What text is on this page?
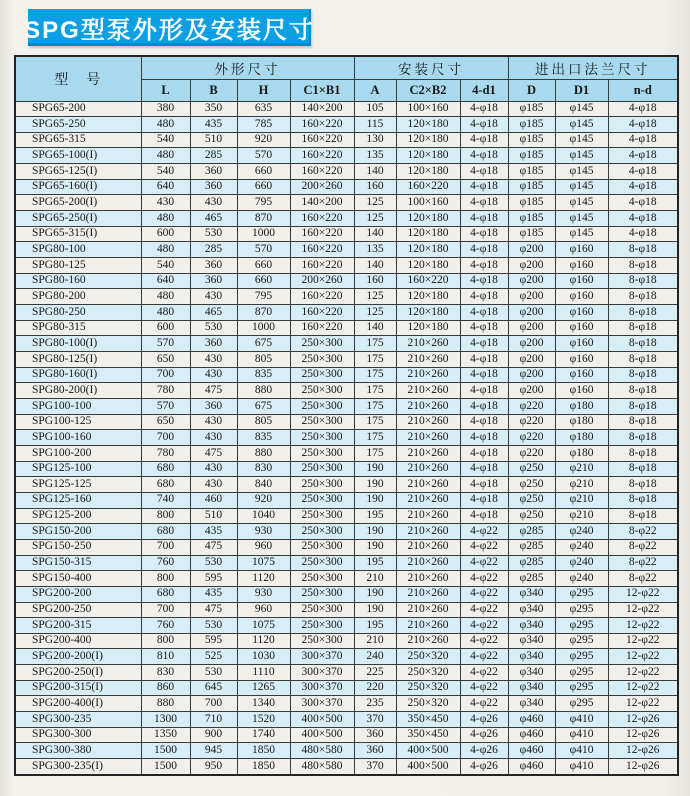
SPG型泵外形及安装尺寸
型　号	外形尺寸				安装尺寸			进出口法兰尺寸		
	L	B	H	C1×B1	A	C2×B2	4-d1	D	D1	n-d
SPG65-200	380	350	635	140×200	105	100×160	4-φ18	φ185	φ145	4-φ18
SPG65-250	480	435	785	160×220	115	120×180	4-φ18	φ185	φ145	4-φ18
SPG65-315	540	510	920	160×220	130	120×180	4-φ18	φ185	φ145	4-φ18
SPG65-100(I)	480	285	570	160×220	135	120×180	4-φ18	φ185	φ145	4-φ18
SPG65-125(I)	540	360	660	160×220	140	120×180	4-φ18	φ185	φ145	4-φ18
SPG65-160(I)	640	360	660	200×260	160	160×220	4-φ18	φ185	φ145	4-φ18
SPG65-200(I)	430	430	795	140×200	125	100×160	4-φ18	φ185	φ145	4-φ18
SPG65-250(I)	480	465	870	160×220	125	120×180	4-φ18	φ185	φ145	4-φ18
SPG65-315(I)	600	530	1000	160×220	140	120×180	4-φ18	φ185	φ145	4-φ18
SPG80-100	480	285	570	160×220	135	120×180	4-φ18	φ200	φ160	8-φ18
SPG80-125	540	360	660	160×220	140	120×180	4-φ18	φ200	φ160	8-φ18
SPG80-160	640	360	660	200×260	160	160×220	4-φ18	φ200	φ160	8-φ18
SPG80-200	480	430	795	160×220	125	120×180	4-φ18	φ200	φ160	8-φ18
SPG80-250	480	465	870	160×220	125	120×180	4-φ18	φ200	φ160	8-φ18
SPG80-315	600	530	1000	160×220	140	120×180	4-φ18	φ200	φ160	8-φ18
SPG80-100(I)	570	360	675	250×300	175	210×260	4-φ18	φ200	φ160	8-φ18
SPG80-125(I)	650	430	805	250×300	175	210×260	4-φ18	φ200	φ160	8-φ18
SPG80-160(I)	700	430	835	250×300	175	210×260	4-φ18	φ200	φ160	8-φ18
SPG80-200(I)	780	475	880	250×300	175	210×260	4-φ18	φ200	φ160	8-φ18
SPG100-100	570	360	675	250×300	175	210×260	4-φ18	φ220	φ180	8-φ18
SPG100-125	650	430	805	250×300	175	210×260	4-φ18	φ220	φ180	8-φ18
SPG100-160	700	430	835	250×300	175	210×260	4-φ18	φ220	φ180	8-φ18
SPG100-200	780	475	880	250×300	175	210×260	4-φ18	φ220	φ180	8-φ18
SPG125-100	680	430	830	250×300	190	210×260	4-φ18	φ250	φ210	8-φ18
SPG125-125	680	430	840	250×300	190	210×260	4-φ18	φ250	φ210	8-φ18
SPG125-160	740	460	920	250×300	190	210×260	4-φ18	φ250	φ210	8-φ18
SPG125-200	800	510	1040	250×300	195	210×260	4-φ18	φ250	φ210	8-φ18
SPG150-200	680	435	930	250×300	190	210×260	4-φ22	φ285	φ240	8-φ22
SPG150-250	700	475	960	250×300	190	210×260	4-φ22	φ285	φ240	8-φ22
SPG150-315	760	530	1075	250×300	195	210×260	4-φ22	φ285	φ240	8-φ22
SPG150-400	800	595	1120	250×300	210	210×260	4-φ22	φ285	φ240	8-φ22
SPG200-200	680	435	930	250×300	190	210×260	4-φ22	φ340	φ295	12-φ22
SPG200-250	700	475	960	250×300	190	210×260	4-φ22	φ340	φ295	12-φ22
SPG200-315	760	530	1075	250×300	195	210×260	4-φ22	φ340	φ295	12-φ22
SPG200-400	800	595	1120	250×300	210	210×260	4-φ22	φ340	φ295	12-φ22
SPG200-200(I)	810	525	1030	300×370	240	250×320	4-φ22	φ340	φ295	12-φ22
SPG200-250(I)	830	530	1110	300×370	225	250×320	4-φ22	φ340	φ295	12-φ22
SPG200-315(I)	860	645	1265	300×370	220	250×320	4-φ22	φ340	φ295	12-φ22
SPG200-400(I)	880	700	1340	300×370	235	250×320	4-φ22	φ340	φ295	12-φ22
SPG300-235	1300	710	1520	400×500	370	350×450	4-φ26	φ460	φ410	12-φ26
SPG300-300	1350	900	1740	400×500	360	350×450	4-φ26	φ460	φ410	12-φ26
SPG300-380	1500	945	1850	480×580	360	400×500	4-φ26	φ460	φ410	12-φ26
SPG300-235(I)	1500	950	1850	480×580	370	400×500	4-φ26	φ460	φ410	12-φ26
